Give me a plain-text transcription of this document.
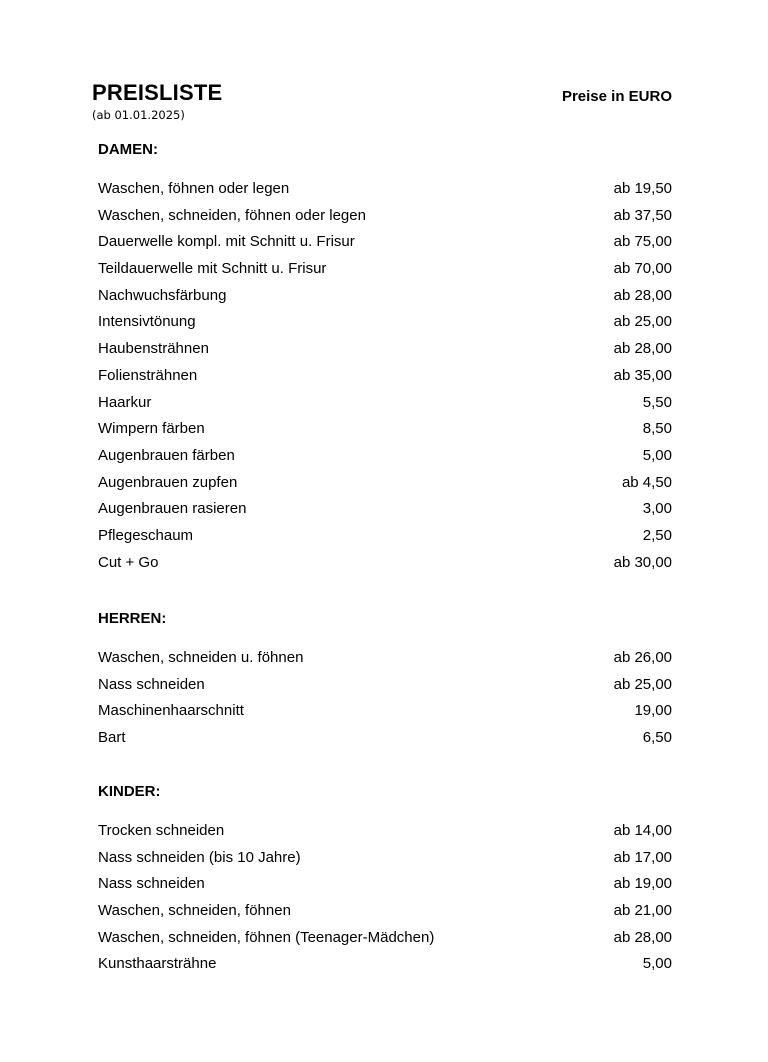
PREISLISTE
(ab 01.01.2025)
Preise in EURO
DAMEN:
Waschen, föhnen oder legen	ab 19,50
Waschen, schneiden, föhnen oder legen	ab 37,50
Dauerwelle kompl. mit Schnitt u. Frisur	ab 75,00
Teildauerwelle mit Schnitt u. Frisur	ab 70,00
Nachwuchsfärbung	ab 28,00
Intensivtönung	ab 25,00
Haubensträhnen	ab 28,00
Foliensträhnen	ab 35,00
Haarkur	5,50
Wimpern färben	8,50
Augenbrauen färben	5,00
Augenbrauen zupfen	ab 4,50
Augenbrauen rasieren	3,00
Pflegeschaum	2,50
Cut + Go	ab 30,00
HERREN:
Waschen, schneiden u. föhnen	ab 26,00
Nass schneiden	ab 25,00
Maschinenhaarschnitt	19,00
Bart	6,50
KINDER:
Trocken schneiden	ab 14,00
Nass schneiden (bis 10 Jahre)	ab 17,00
Nass schneiden	ab 19,00
Waschen, schneiden, föhnen	ab 21,00
Waschen, schneiden, föhnen (Teenager-Mädchen)	ab 28,00
Kunsthaarsträhne	5,00
